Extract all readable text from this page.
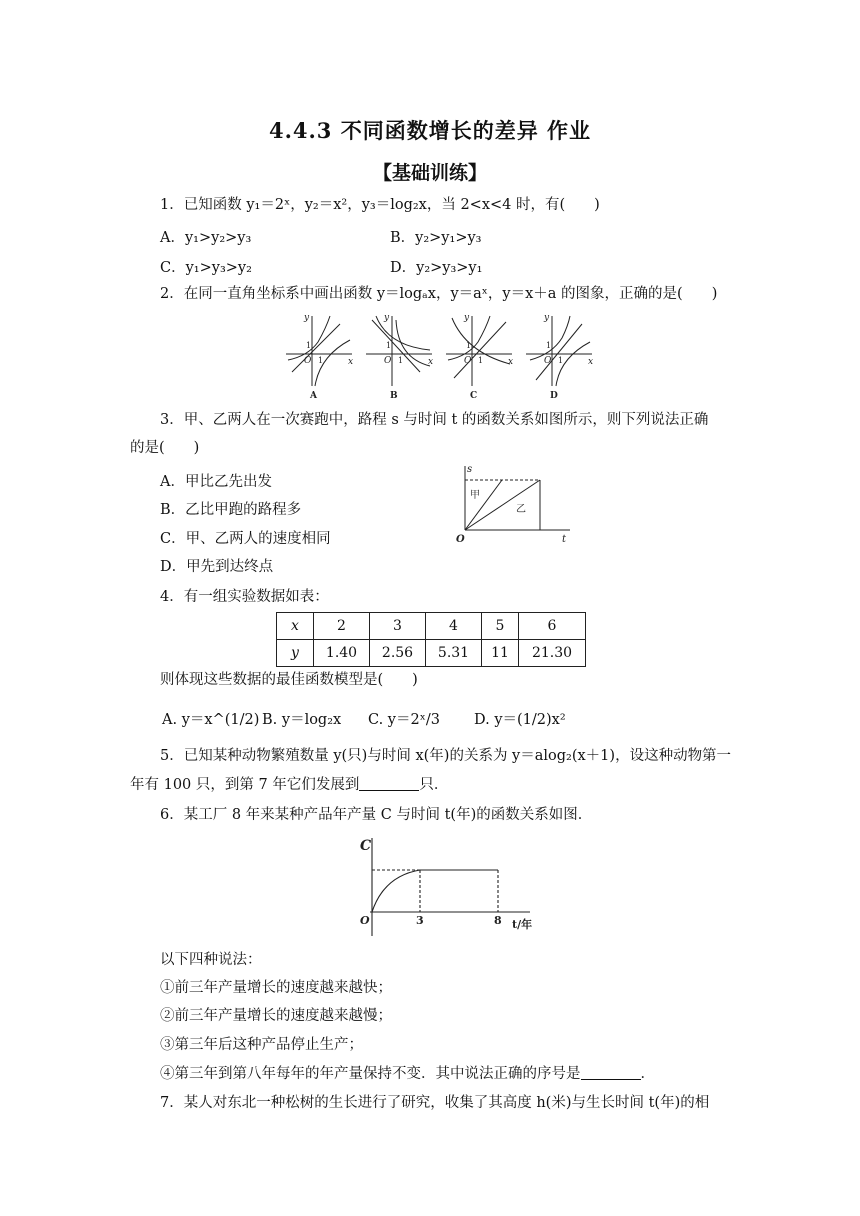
4.4.3 不同函数增长的差异 作业
【基础训练】
1．已知函数 y₁＝2ˣ，y₂＝x²，y₃＝log₂x，当 2<x<4 时，有(　　)
A．y₁>y₂>y₃	B．y₂>y₁>y₃
C．y₁>y₃>y₂	D．y₂>y₃>y₁
2．在同一直角坐标系中画出函数 y＝logₐx，y＝aˣ，y＝x＋a 的图象，正确的是(　　)
y
x
O
y
x
O
y
x
O
y
x
O
1
1
1
1
1
1
1
1
A	B	C	D
3．甲、乙两人在一次赛跑中，路程 s 与时间 t 的函数关系如图所示，则下列说法正确
的是(　　)
A．甲比乙先出发
B．乙比甲跑的路程多
C．甲、乙两人的速度相同
D．甲先到达终点
s
t
O
甲
乙
4．有一组实验数据如表：
x	2	3	4	5	6
y	1.40	2.56	5.31	11	21.30
则体现这些数据的最佳函数模型是(　　)
A. y＝x^(1/2) B. y＝log₂x C. y＝2ˣ/3 D. y＝(1/2)x²
5．已知某种动物繁殖数量 y(只)与时间 x(年)的关系为 y＝alog₂(x＋1)，设这种动物第一
年有 100 只，到第 7 年它们发展到	只．
6．某工厂 8 年来某种产品年产量 C 与时间 t(年)的函数关系如图．
C
O	3	8 t/年
以下四种说法：
①前三年产量增长的速度越来越快；
②前三年产量增长的速度越来越慢；
③第三年后这种产品停止生产；
④第三年到第八年每年的年产量保持不变．其中说法正确的序号是	．
7．某人对东北一种松树的生长进行了研究，收集了其高度 h(米)与生长时间 t(年)的相
